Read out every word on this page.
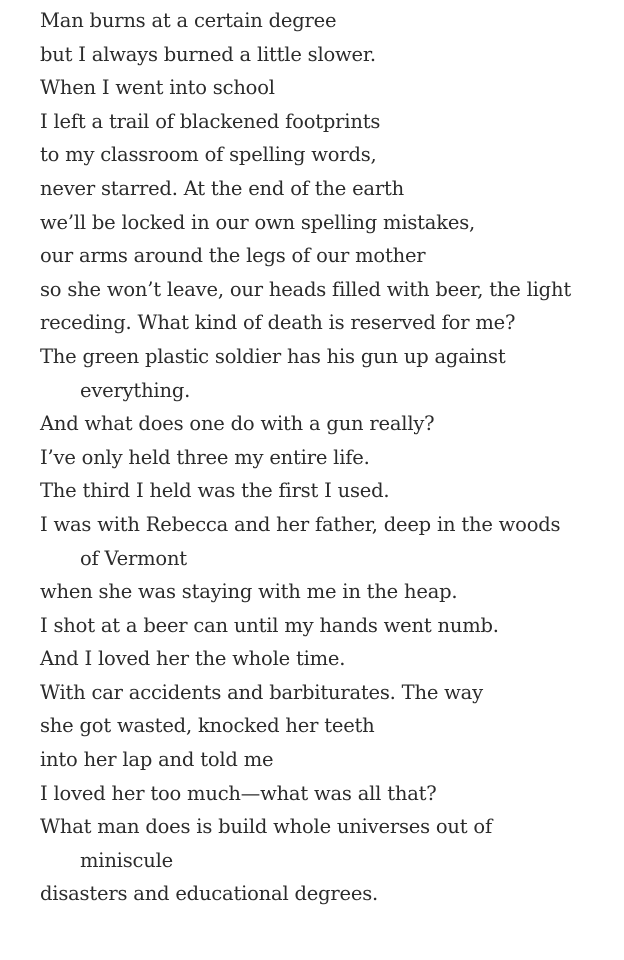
Man burns at a certain degree
but I always burned a little slower.
When I went into school
I left a trail of blackened footprints
to my classroom of spelling words,
never starred. At the end of the earth
we’ll be locked in our own spelling mistakes,
our arms around the legs of our mother
so she won’t leave, our heads filled with beer, the light
receding. What kind of death is reserved for me?
The green plastic soldier has his gun up against
everything.
And what does one do with a gun really?
I’ve only held three my entire life.
The third I held was the first I used.
I was with Rebecca and her father, deep in the woods
of Vermont
when she was staying with me in the heap.
I shot at a beer can until my hands went numb.
And I loved her the whole time.
With car accidents and barbiturates. The way
she got wasted, knocked her teeth
into her lap and told me
I loved her too much—what was all that?
What man does is build whole universes out of
miniscule
disasters and educational degrees.
